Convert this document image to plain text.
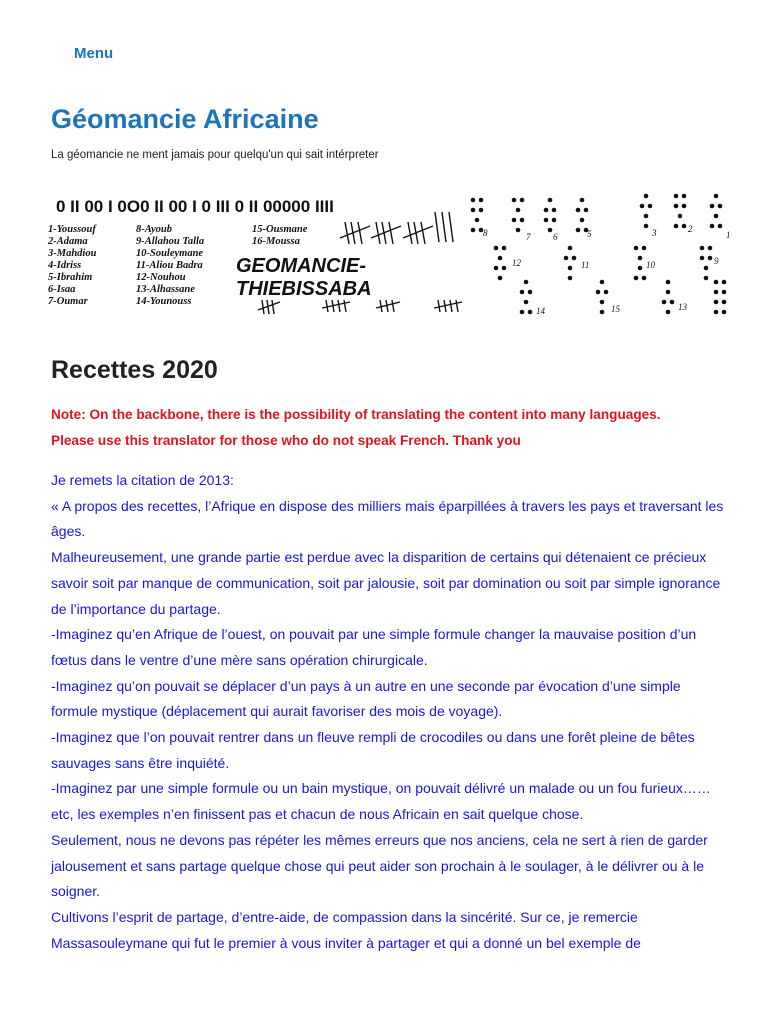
Menu
Géomancie Africaine

La géomancie ne ment jamais pour quelqu'un qui sait intérpreter

0 II 00 I 0O0 II 00 I 0 III 0 II 00000 IIII
1-Youssouf
2-Adama
3-Mahdiou
4-Idriss
5-Ibrahim
6-Isaa
7-Oumar
8-Ayoub
9-Allahou Talla
10-Souleymane
11-Aliou Badra
12-Nouhou
13-Alhassane
14-Younouss
15-Ousmane
16-Moussa
GEOMANCIE-
THIEBISSABA
8	7	6	5	3	2
1
12	11	10	9
14	15	13
Recettes 2020

Note: On the backbone, there is the possibility of translating the content into many languages.
Please use this translator for those who do not speak French. Thank you

Je remets la citation de 2013:

« A propos des recettes, l’Afrique en dispose des milliers mais éparpillées à travers les pays et traversant les âges.

Malheureusement, une grande partie est perdue avec la disparition de certains qui détenaient ce précieux savoir soit par manque de communication, soit par jalousie, soit par domination ou soit par simple ignorance de l’importance du partage.

-Imaginez qu’en Afrique de l’ouest, on pouvait par une simple formule changer la mauvaise position d’un fœtus dans le ventre d’une mère sans opération chirurgicale.

-Imaginez qu’on pouvait se déplacer d’un pays à un autre en une seconde par évocation d’une simple formule mystique (déplacement qui aurait favoriser des mois de voyage).

-Imaginez que l’on pouvait rentrer dans un fleuve rempli de crocodiles ou dans une forêt pleine de bêtes sauvages sans être inquiété.

-Imaginez par une simple formule ou un bain mystique, on pouvait délivré un malade ou un fou furieux……etc, les exemples n’en finissent pas et chacun de nous Africain en sait quelque chose.

Seulement, nous ne devons pas répéter les mêmes erreurs que nos anciens, cela ne sert à rien de garder jalousement et sans partage quelque chose qui peut aider son prochain à le soulager, à le délivrer ou à le soigner.

Cultivons l’esprit de partage, d’entre-aide, de compassion dans la sincérité. Sur ce, je remercie Massasouleymane qui fut le premier à vous inviter à partager et qui a donné un bel exemple de
